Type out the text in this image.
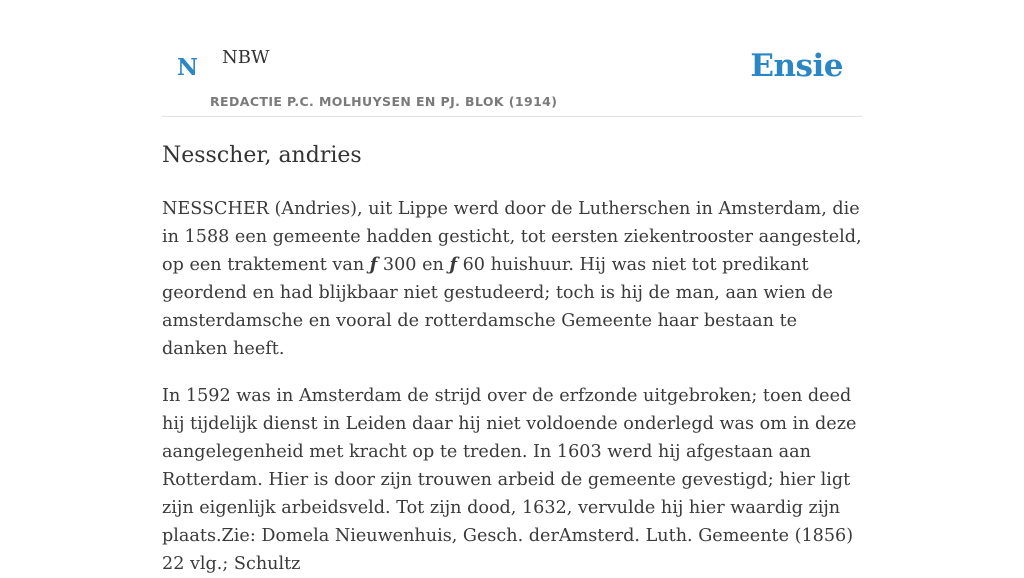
N NBW
REDACTIE P.C. MOLHUYSEN EN PJ. BLOK (1914)
Ensie
Nesscher, andries

NESSCHER (Andries), uit Lippe werd door de Lutherschen in Amsterdam, die in 1588 een gemeente hadden gesticht, tot eersten ziekentrooster aangesteld, op een traktement van ƒ 300 en ƒ 60 huishuur. Hij was niet tot predikant geordend en had blijkbaar niet gestudeerd; toch is hij de man, aan wien de amsterdamsche en vooral de rotterdamsche Gemeente haar bestaan te danken heeft.

In 1592 was in Amsterdam de strijd over de erfzonde uitgebroken; toen deed hij tijdelijk dienst in Leiden daar hij niet voldoende onderlegd was om in deze aangelegenheid met kracht op te treden. In 1603 werd hij afgestaan aan Rotterdam. Hier is door zijn trouwen arbeid de gemeente gevestigd; hier ligt zijn eigenlijk arbeidsveld. Tot zijn dood, 1632, vervulde hij hier waardig zijn plaats.Zie: Domela Nieuwenhuis, Gesch. derAmsterd. Luth. Gemeente (1856) 22 vlg.; Schultz
